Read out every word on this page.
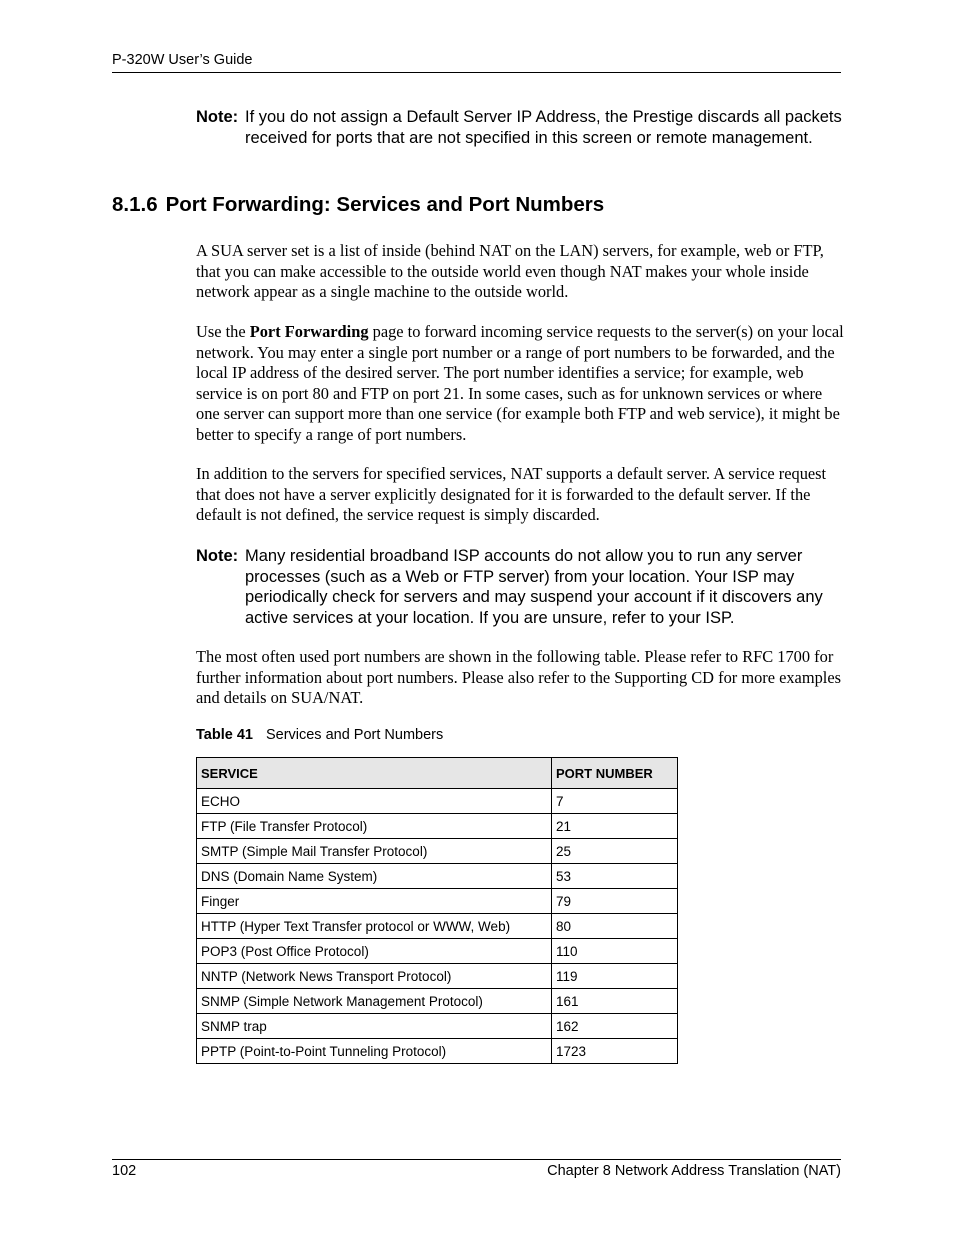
P-320W User’s Guide
Note: If you do not assign a Default Server IP Address, the Prestige discards all packets received for ports that are not specified in this screen or remote management.
8.1.6 Port Forwarding: Services and Port Numbers

A SUA server set is a list of inside (behind NAT on the LAN) servers, for example, web or FTP, that you can make accessible to the outside world even though NAT makes your whole inside network appear as a single machine to the outside world.

Use the Port Forwarding page to forward incoming service requests to the server(s) on your local network. You may enter a single port number or a range of port numbers to be forwarded, and the local IP address of the desired server. The port number identifies a service; for example, web service is on port 80 and FTP on port 21. In some cases, such as for unknown services or where one server can support more than one service (for example both FTP and web service), it might be better to specify a range of port numbers.

In addition to the servers for specified services, NAT supports a default server. A service request that does not have a server explicitly designated for it is forwarded to the default server. If the default is not defined, the service request is simply discarded.

Note: Many residential broadband ISP accounts do not allow you to run any server processes (such as a Web or FTP server) from your location. Your ISP may periodically check for servers and may suspend your account if it discovers any active services at your location. If you are unsure, refer to your ISP.

The most often used port numbers are shown in the following table. Please refer to RFC 1700 for further information about port numbers. Please also refer to the Supporting CD for more examples and details on SUA/NAT.

Table 41 Services and Port Numbers
SERVICE	PORT NUMBER
ECHO	7
FTP (File Transfer Protocol)	21
SMTP (Simple Mail Transfer Protocol)	25
DNS (Domain Name System)	53
Finger	79
HTTP (Hyper Text Transfer protocol or WWW, Web)	80
POP3 (Post Office Protocol)	110
NNTP (Network News Transport Protocol)	119
SNMP (Simple Network Management Protocol)	161
SNMP trap	162
PPTP (Point-to-Point Tunneling Protocol)	1723
102	Chapter 8 Network Address Translation (NAT)
